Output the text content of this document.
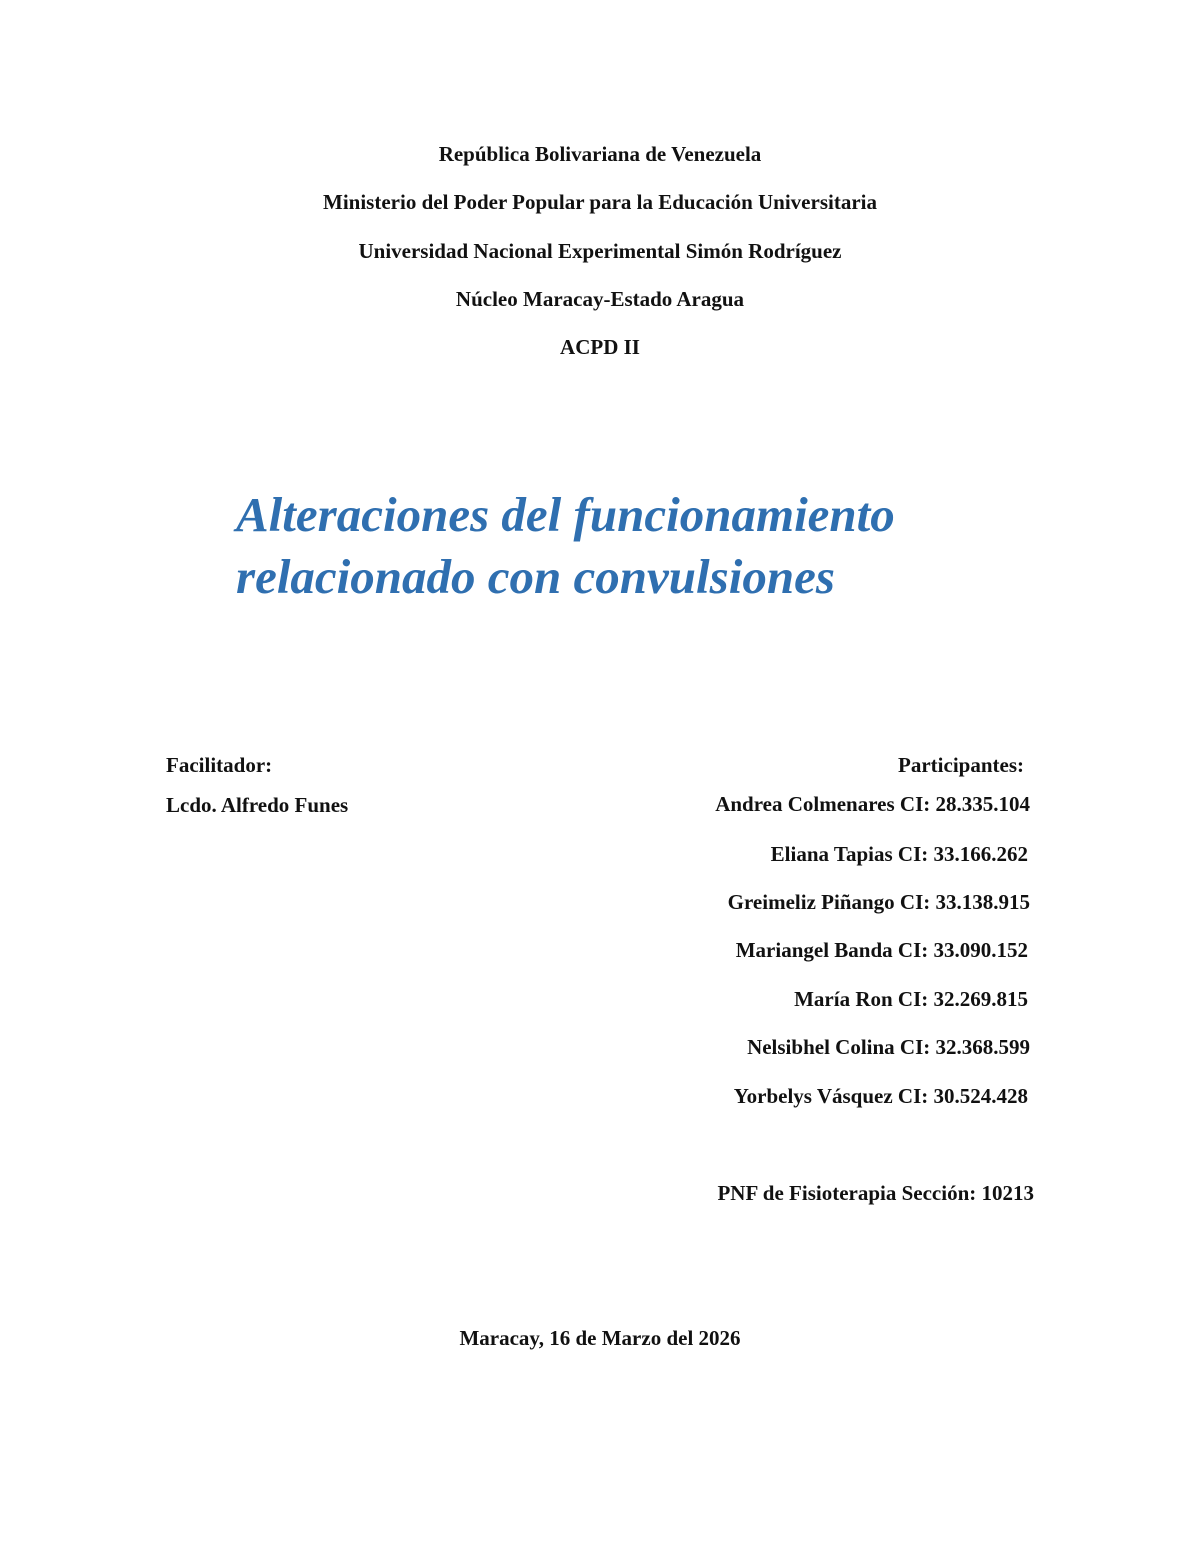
República Bolivariana de Venezuela
Ministerio del Poder Popular para la Educación Universitaria
Universidad Nacional Experimental Simón Rodríguez
Núcleo Maracay-Estado Aragua
ACPD II
Alteraciones del funcionamiento
relacionado con convulsiones
Facilitador:
Lcdo. Alfredo Funes
Participantes:
Andrea Colmenares CI: 28.335.104
Eliana Tapias CI: 33.166.262
Greimeliz Piñango CI: 33.138.915
Mariangel Banda CI: 33.090.152
María Ron CI: 32.269.815
Nelsibhel Colina CI: 32.368.599
Yorbelys Vásquez CI: 30.524.428
PNF de Fisioterapia Sección: 10213
Maracay, 16 de Marzo del 2026
